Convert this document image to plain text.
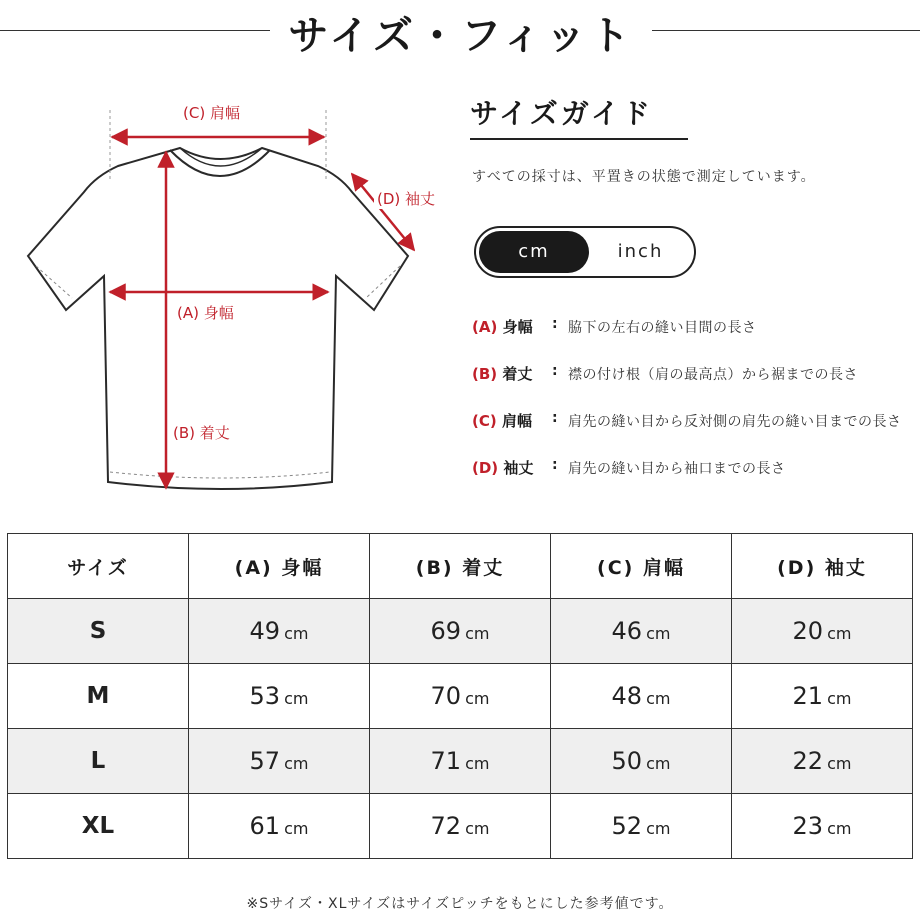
サイズ・フィット
(C) 肩幅
(D) 袖丈
(A) 身幅
(B) 着丈
サイズガイド
すべての採寸は、平置きの状態で測定しています。
cm	inch
(A) 身幅 : 脇下の左右の縫い目間の長さ
(B) 着丈 : 襟の付け根（肩の最高点）から裾までの長さ
(C) 肩幅 : 肩先の縫い目から反対側の肩先の縫い目までの長さ
(D) 袖丈 : 肩先の縫い目から袖口までの長さ
サイズ	(A) 身幅	(B) 着丈	(C) 肩幅	(D) 袖丈
S	49 cm	69 cm	46 cm	20 cm
M	53 cm	70 cm	48 cm	21 cm
L	57 cm	71 cm	50 cm	22 cm
XL	61 cm	72 cm	52 cm	23 cm
※Sサイズ・XLサイズはサイズピッチをもとにした参考値です。
